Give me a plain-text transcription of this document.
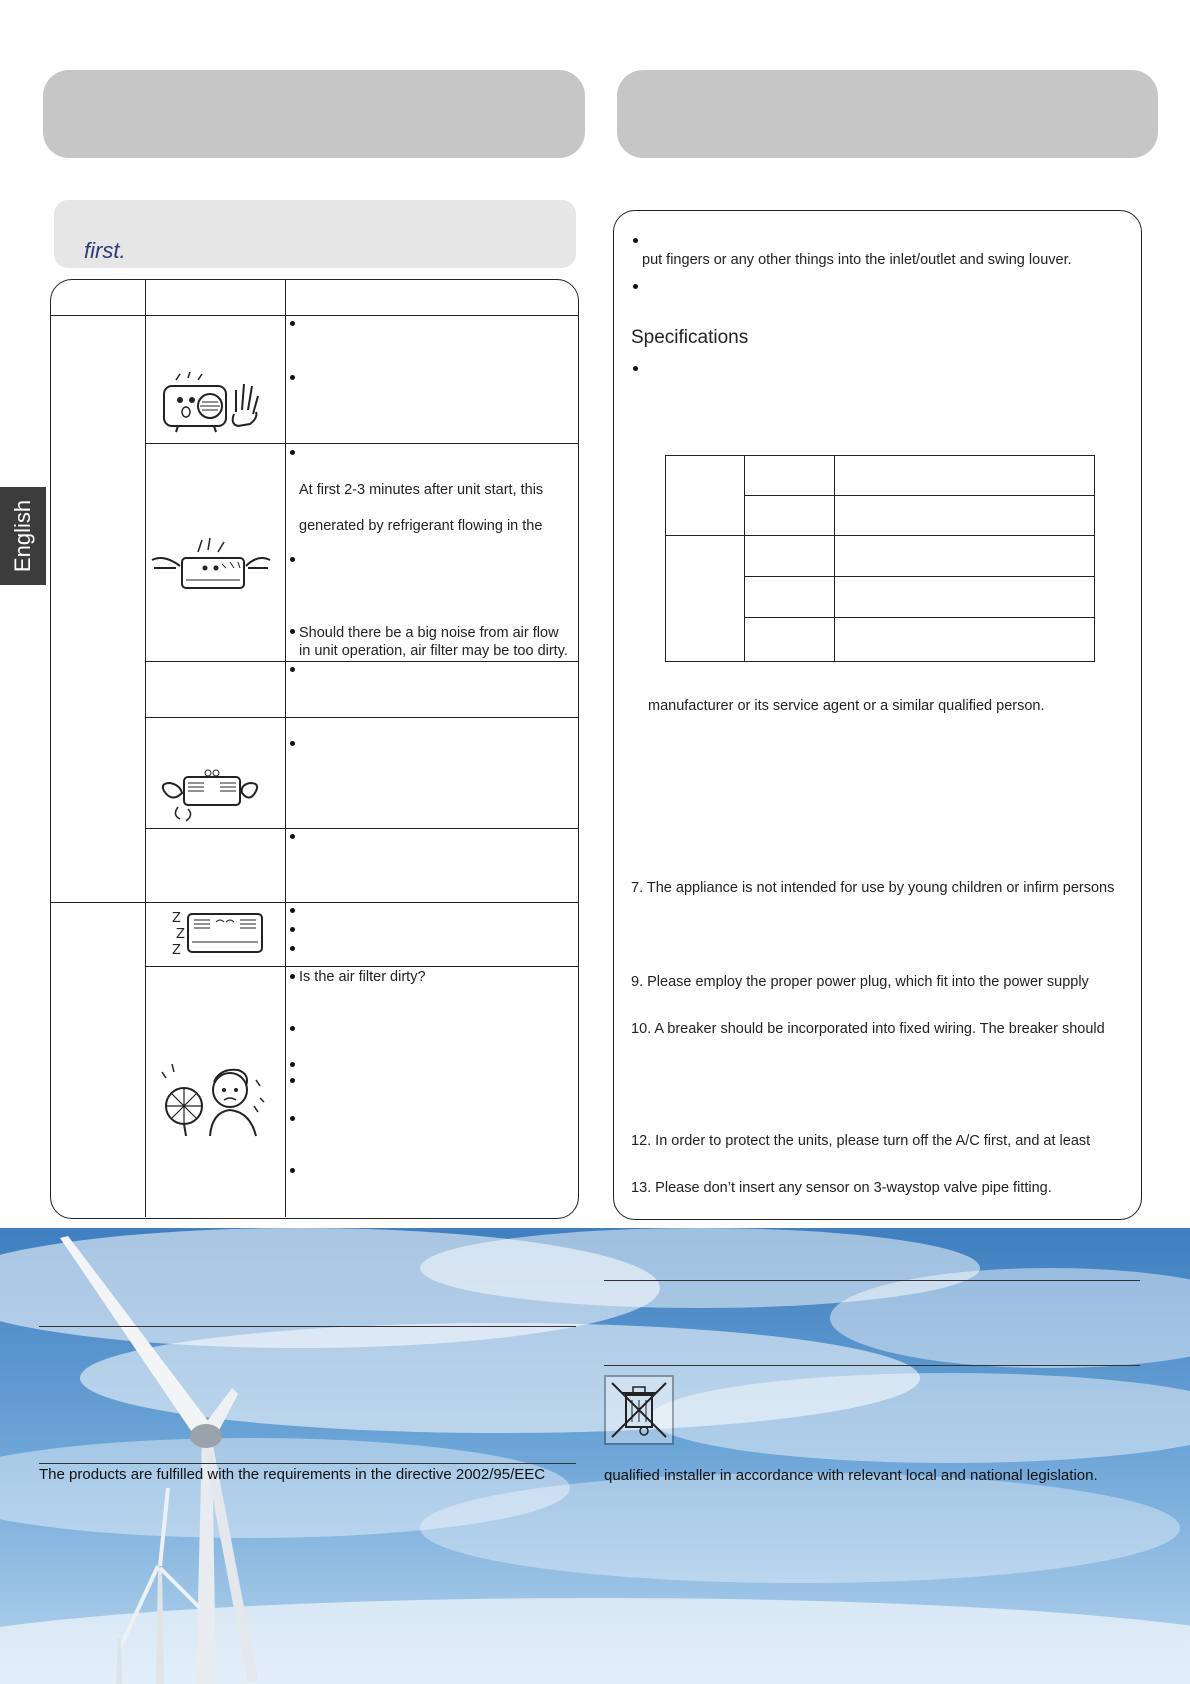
English
first.
Z
Z
Z
At first 2-3 minutes after unit start, this
generated by refrigerant flowing in the
Should there be a big noise from air flow
in unit operation, air filter may be too dirty.
Is the air filter dirty?
put fingers or any other things into the inlet/outlet and swing louver.
Specifications
manufacturer or its service agent or a similar qualified person.
7. The appliance is not intended for use by young children or infirm persons
9. Please employ the proper power plug, which fit into the power supply
10. A breaker should be incorporated into fixed wiring. The breaker should
12. In order to protect the units, please turn off the A/C first, and at least
13. Please don’t insert any sensor on 3-waystop valve pipe fitting.
The products are fulfilled with the requirements in the directive 2002/95/EEC	qualified installer in accordance with relevant local and national legislation.
